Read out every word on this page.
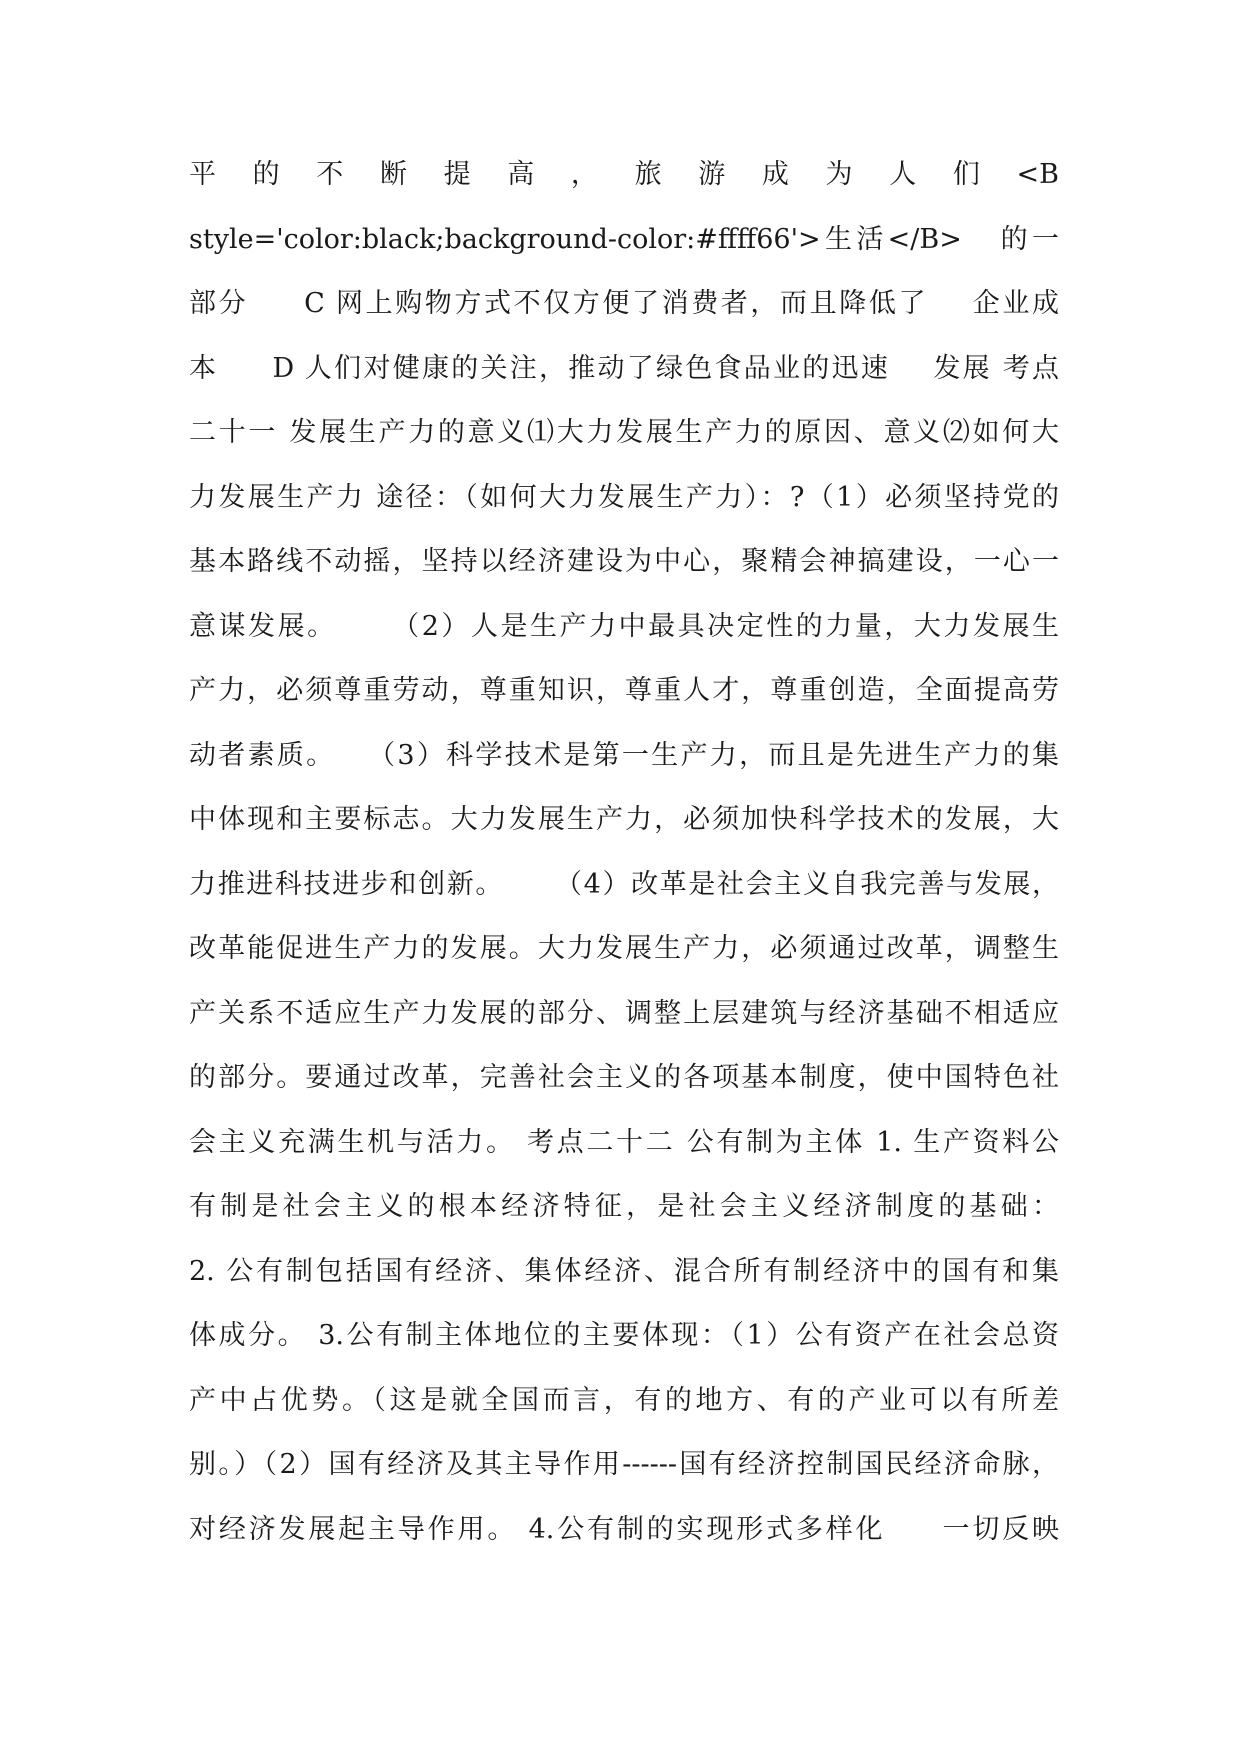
平 的 不 断 提 高 ， 旅 游 成 为 人 们 <B
style='color:black;background-color:#ffff66'>生活</B>   的一
部分     C 网上购物方式不仅方便了消费者，而且降低了    企业成
本     D 人们对健康的关注，推动了绿色食品业的迅速    发展 考点
二十一 发展生产力的意义⑴大力发展生产力的原因、意义⑵如何大
力发展生产力 途径：（如何大力发展生产力）：?（1）必须坚持党的
基本路线不动摇，坚持以经济建设为中心，聚精会神搞建设，一心一
意谋发展。     （2）人是生产力中最具决定性的力量，大力发展生
产力，必须尊重劳动，尊重知识，尊重人才，尊重创造，全面提高劳
动者素质。   （3）科学技术是第一生产力，而且是先进生产力的集
中体现和主要标志。大力发展生产力，必须加快科学技术的发展，大
力推进科技进步和创新。     （4）改革是社会主义自我完善与发展，
改革能促进生产力的发展。大力发展生产力，必须通过改革，调整生
产关系不适应生产力发展的部分、调整上层建筑与经济基础不相适应
的部分。要通过改革，完善社会主义的各项基本制度，使中国特色社
会主义充满生机与活力。 考点二十二 公有制为主体 1. 生产资料公
有制是社会主义的根本经济特征，是社会主义经济制度的基础：
2. 公有制包括国有经济、集体经济、混合所有制经济中的国有和集
体成分。 3.公有制主体地位的主要体现：（1）公有资产在社会总资
产中占优势。（这是就全国而言，有的地方、有的产业可以有所差
别。）（2）国有经济及其主导作用------国有经济控制国民经济命脉，
对经济发展起主导作用。 4.公有制的实现形式多样化     一切反映
